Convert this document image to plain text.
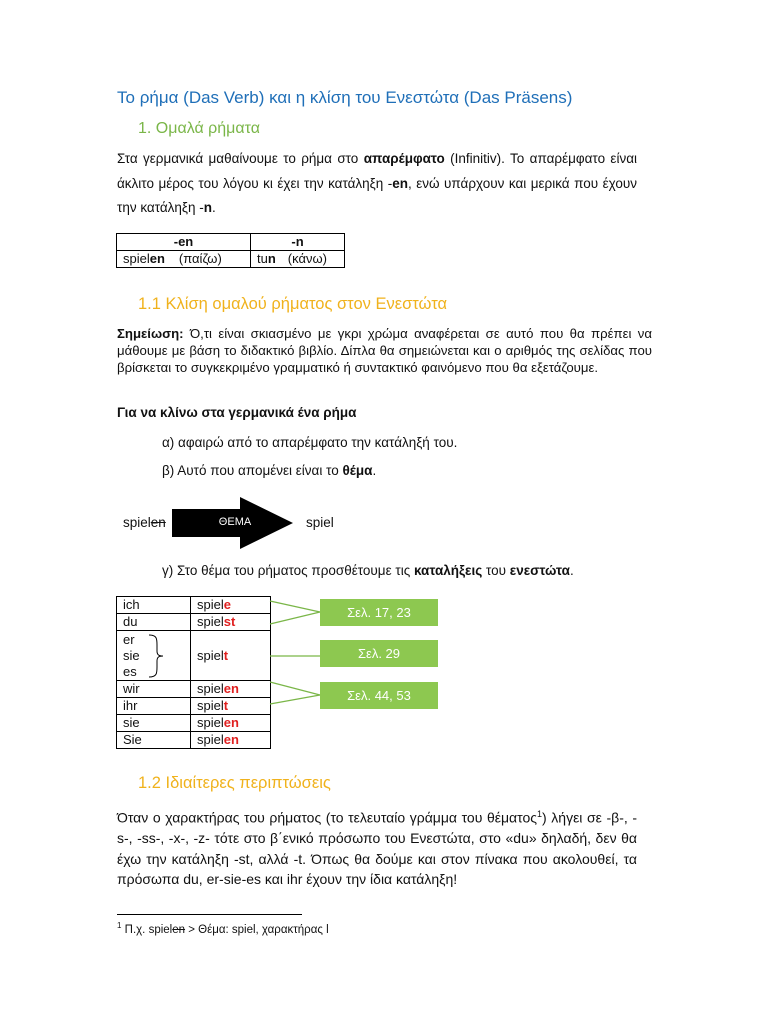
Το ρήμα (Das Verb) και η κλίση του Ενεστώτα (Das Präsens)
1. Ομαλά ρήματα
Στα γερμανικά μαθαίνουμε το ρήμα στο απαρέμφατο (Infinitiv). Το απαρέμφατο είναι άκλιτο μέρος του λόγου κι έχει την κατάληξη -en, ενώ υπάρχουν και μερικά που έχουν την κατάληξη -n.
-en	-n
spielen (παίζω)	tun (κάνω)
1.1 Κλίση ομαλού ρήματος στον Ενεστώτα
Σημείωση: Ό,τι είναι σκιασμένο με γκρι χρώμα αναφέρεται σε αυτό που θα πρέπει να μάθουμε με βάση το διδακτικό βιβλίο. Δίπλα θα σημειώνεται και ο αριθμός της σελίδας που βρίσκεται το συγκεκριμένο γραμματικό ή συντακτικό φαινόμενο που θα εξετάζουμε.
Για να κλίνω στα γερμανικά ένα ρήμα
α) αφαιρώ από το απαρέμφατο την κατάληξή του.
β) Αυτό που απομένει είναι το θέμα.
spielen	ΘΕΜΑ	spiel
γ) Στο θέμα του ρήματος προσθέτουμε τις καταλήξεις του ενεστώτα.
ich	spiele
du	spielst

er
sie
es	spielt
wir	spielen
ihr	spielt
sie	spielen
Sie	spielen
Σελ. 17, 23
Σελ. 29
Σελ. 44, 53
1.2 Ιδιαίτερες περιπτώσεις
Όταν ο χαρακτήρας του ρήματος (το τελευταίο γράμμα του θέματος$^1$) λήγει σε -β-, -s-, -ss-, -x-, -z- τότε στο β΄ενικό πρόσωπο του Ενεστώτα, στο «du» δηλαδή, δεν θα έχω την κατάληξη -st, αλλά -t. Όπως θα δούμε και στον πίνακα που ακολουθεί, τα πρόσωπα du, er-sie-es και ihr έχουν την ίδια κατάληξη!
$^1$ Π.χ. spielen > Θέμα: spiel, χαρακτήρας l
